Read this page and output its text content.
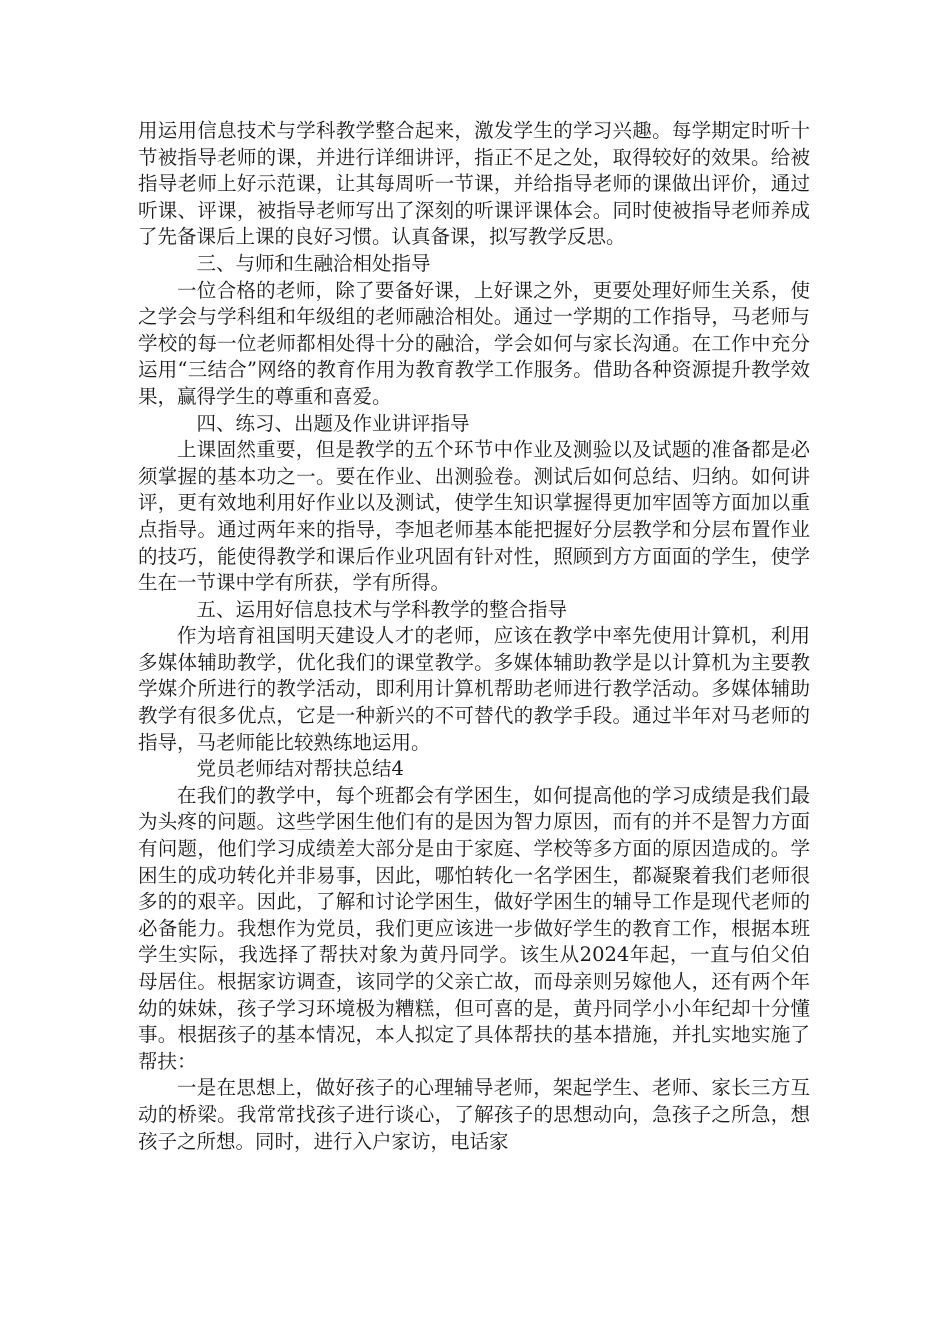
用运用信息技术与学科教学整合起来，激发学生的学习兴趣。每学期定时听十节被指导老师的课，并进行详细讲评，指正不足之处，取得较好的效果。给被指导老师上好示范课，让其每周听一节课，并给指导老师的课做出评价，通过听课、评课，被指导老师写出了深刻的听课评课体会。同时使被指导老师养成了先备课后上课的良好习惯。认真备课，拟写教学反思。

三、与师和生融洽相处指导

一位合格的老师，除了要备好课，上好课之外，更要处理好师生关系，使之学会与学科组和年级组的老师融洽相处。通过一学期的工作指导，马老师与学校的每一位老师都相处得十分的融洽，学会如何与家长沟通。在工作中充分运用“三结合”网络的教育作用为教育教学工作服务。借助各种资源提升教学效果，赢得学生的尊重和喜爱。

四、练习、出题及作业讲评指导

上课固然重要，但是教学的五个环节中作业及测验以及试题的准备都是必须掌握的基本功之一。要在作业、出测验卷。测试后如何总结、归纳。如何讲评，更有效地利用好作业以及测试，使学生知识掌握得更加牢固等方面加以重点指导。通过两年来的指导，李旭老师基本能把握好分层教学和分层布置作业的技巧，能使得教学和课后作业巩固有针对性，照顾到方方面面的学生，使学生在一节课中学有所获，学有所得。

五、运用好信息技术与学科教学的整合指导

作为培育祖国明天建设人才的老师，应该在教学中率先使用计算机，利用多媒体辅助教学，优化我们的课堂教学。多媒体辅助教学是以计算机为主要教学媒介所进行的教学活动，即利用计算机帮助老师进行教学活动。多媒体辅助教学有很多优点，它是一种新兴的不可替代的教学手段。通过半年对马老师的指导，马老师能比较熟练地运用。

党员老师结对帮扶总结4

在我们的教学中，每个班都会有学困生，如何提高他的学习成绩是我们最为头疼的问题。这些学困生他们有的是因为智力原因，而有的并不是智力方面有问题，他们学习成绩差大部分是由于家庭、学校等多方面的原因造成的。学困生的成功转化并非易事，因此，哪怕转化一名学困生，都凝聚着我们老师很多的的艰辛。因此，了解和讨论学困生，做好学困生的辅导工作是现代老师的必备能力。我想作为党员，我们更应该进一步做好学生的教育工作，根据本班学生实际，我选择了帮扶对象为黄丹同学。该生从2024年起，一直与伯父伯母居住。根据家访调查，该同学的父亲亡故，而母亲则另嫁他人，还有两个年幼的妹妹，孩子学习环境极为糟糕，但可喜的是，黄丹同学小小年纪却十分懂事。根据孩子的基本情况，本人拟定了具体帮扶的基本措施，并扎实地实施了帮扶：

一是在思想上，做好孩子的心理辅导老师，架起学生、老师、家长三方互动的桥梁。我常常找孩子进行谈心，了解孩子的思想动向，急孩子之所急，想孩子之所想。同时，进行入户家访，电话家
